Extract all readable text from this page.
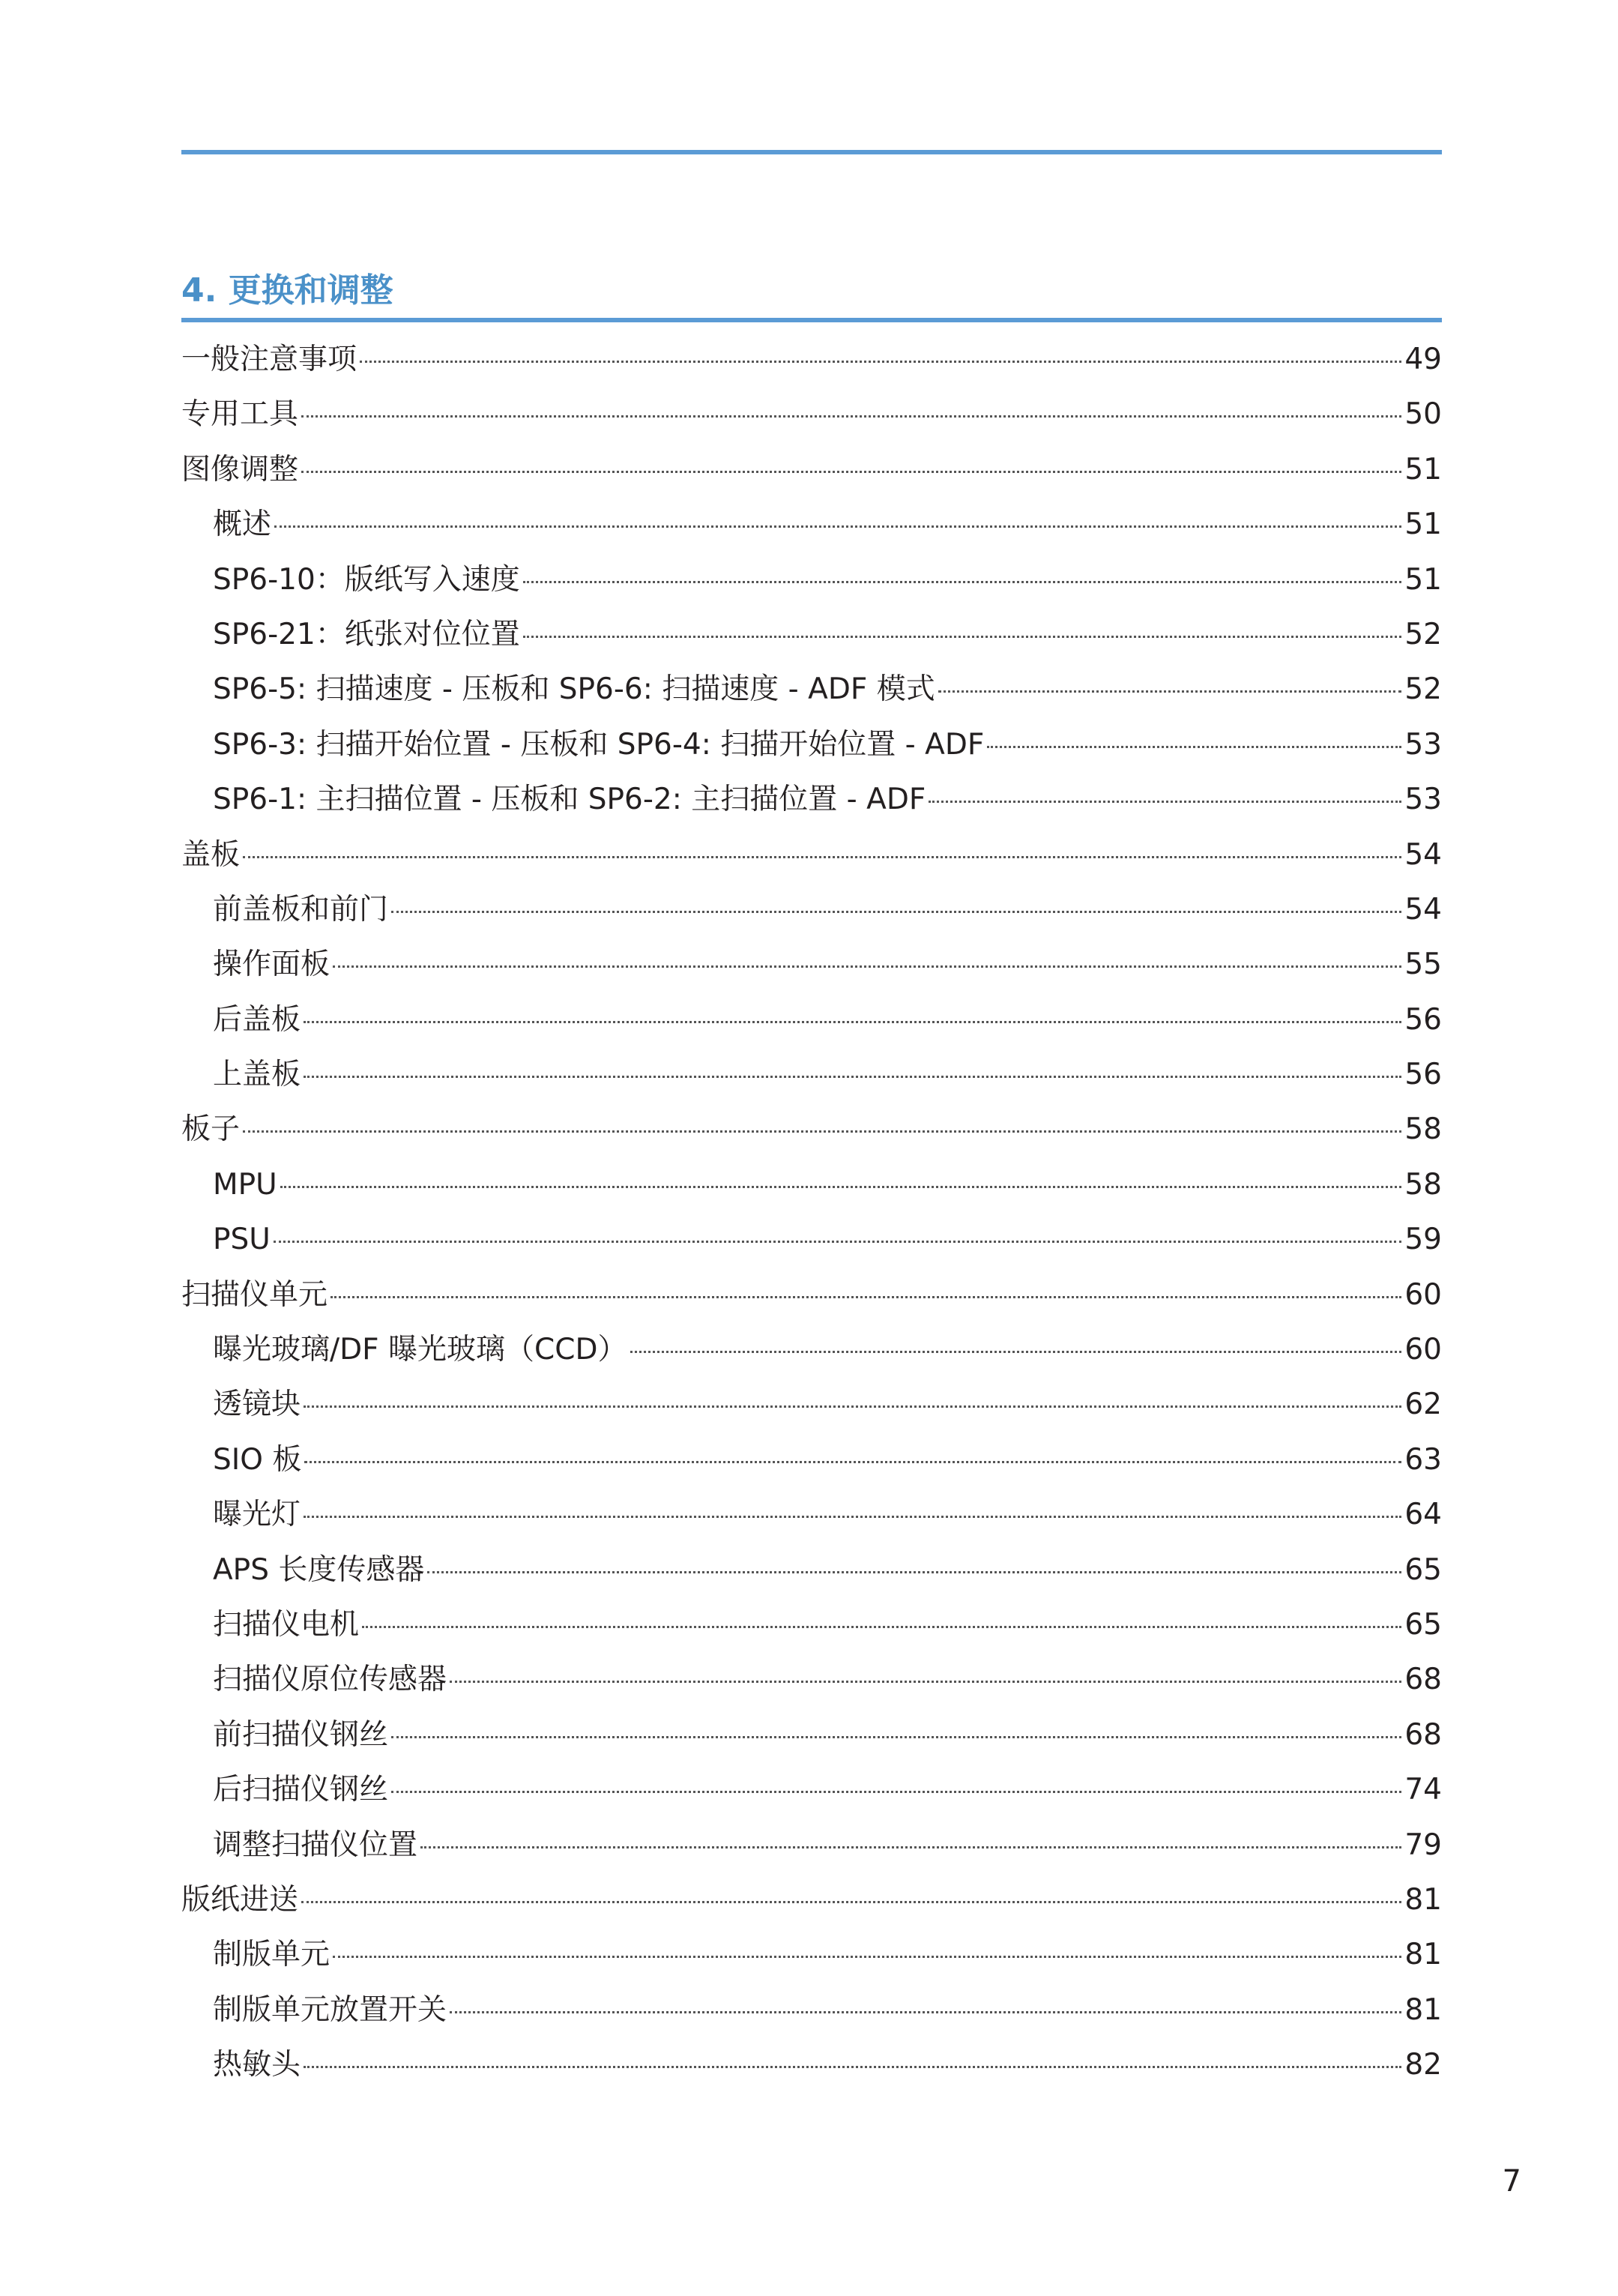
4. 更换和调整
一般注意事项	49
专用工具	50
图像调整	51
概述	51
SP6-10：版纸写入速度	51
SP6-21：纸张对位位置	52
SP6-5: 扫描速度 - 压板和 SP6-6: 扫描速度 - ADF 模式	52
SP6-3: 扫描开始位置 - 压板和 SP6-4: 扫描开始位置 - ADF	53
SP6-1: 主扫描位置 - 压板和 SP6-2: 主扫描位置 - ADF	53
盖板	54
前盖板和前门	54
操作面板	55
后盖板	56
上盖板	56
板子	58
MPU	58
PSU	59
扫描仪单元	60
曝光玻璃/DF 曝光玻璃（CCD）	60
透镜块	62
SIO 板	63
曝光灯	64
APS 长度传感器	65
扫描仪电机	65
扫描仪原位传感器	68
前扫描仪钢丝	68
后扫描仪钢丝	74
调整扫描仪位置	79
版纸进送	81
制版单元	81
制版单元放置开关	81
热敏头	82
7
